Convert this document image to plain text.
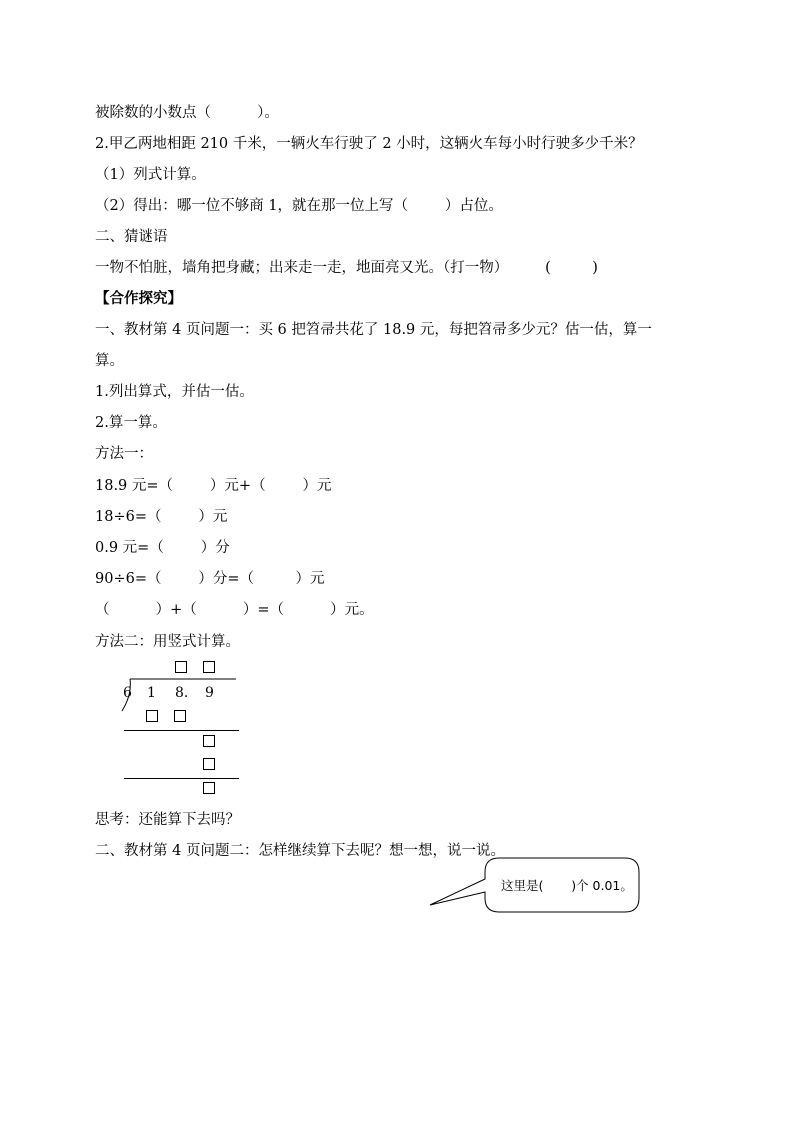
被除数的小数点（          ）。
2.甲乙两地相距 210 千米，一辆火车行驶了 2 小时，这辆火车每小时行驶多少千米？
（1）列式计算。
（2）得出：哪一位不够商 1，就在那一位上写（        ）占位。
二、猜谜语
一物不怕脏，墙角把身藏；出来走一走，地面亮又光。（打一物）        (         )
【合作探究】
一、教材第 4 页问题一：买 6 把笤帚共花了 18.9 元，每把笤帚多少元？估一估，算一
算。
1.列出算式，并估一估。
2.算一算。
方法一：
18.9 元=（        ）元+（        ）元
18÷6=（        ）元
0.9 元=（        ）分
90÷6=（        ）分=（         ）元
（          ）+（          ）=（          ）元。
方法二：用竖式计算。
6 1 8. 9
思考：还能算下去吗？
二、教材第 4 页问题二：怎样继续算下去呢？想一想，说一说。
这里是(       )个 0.01。
